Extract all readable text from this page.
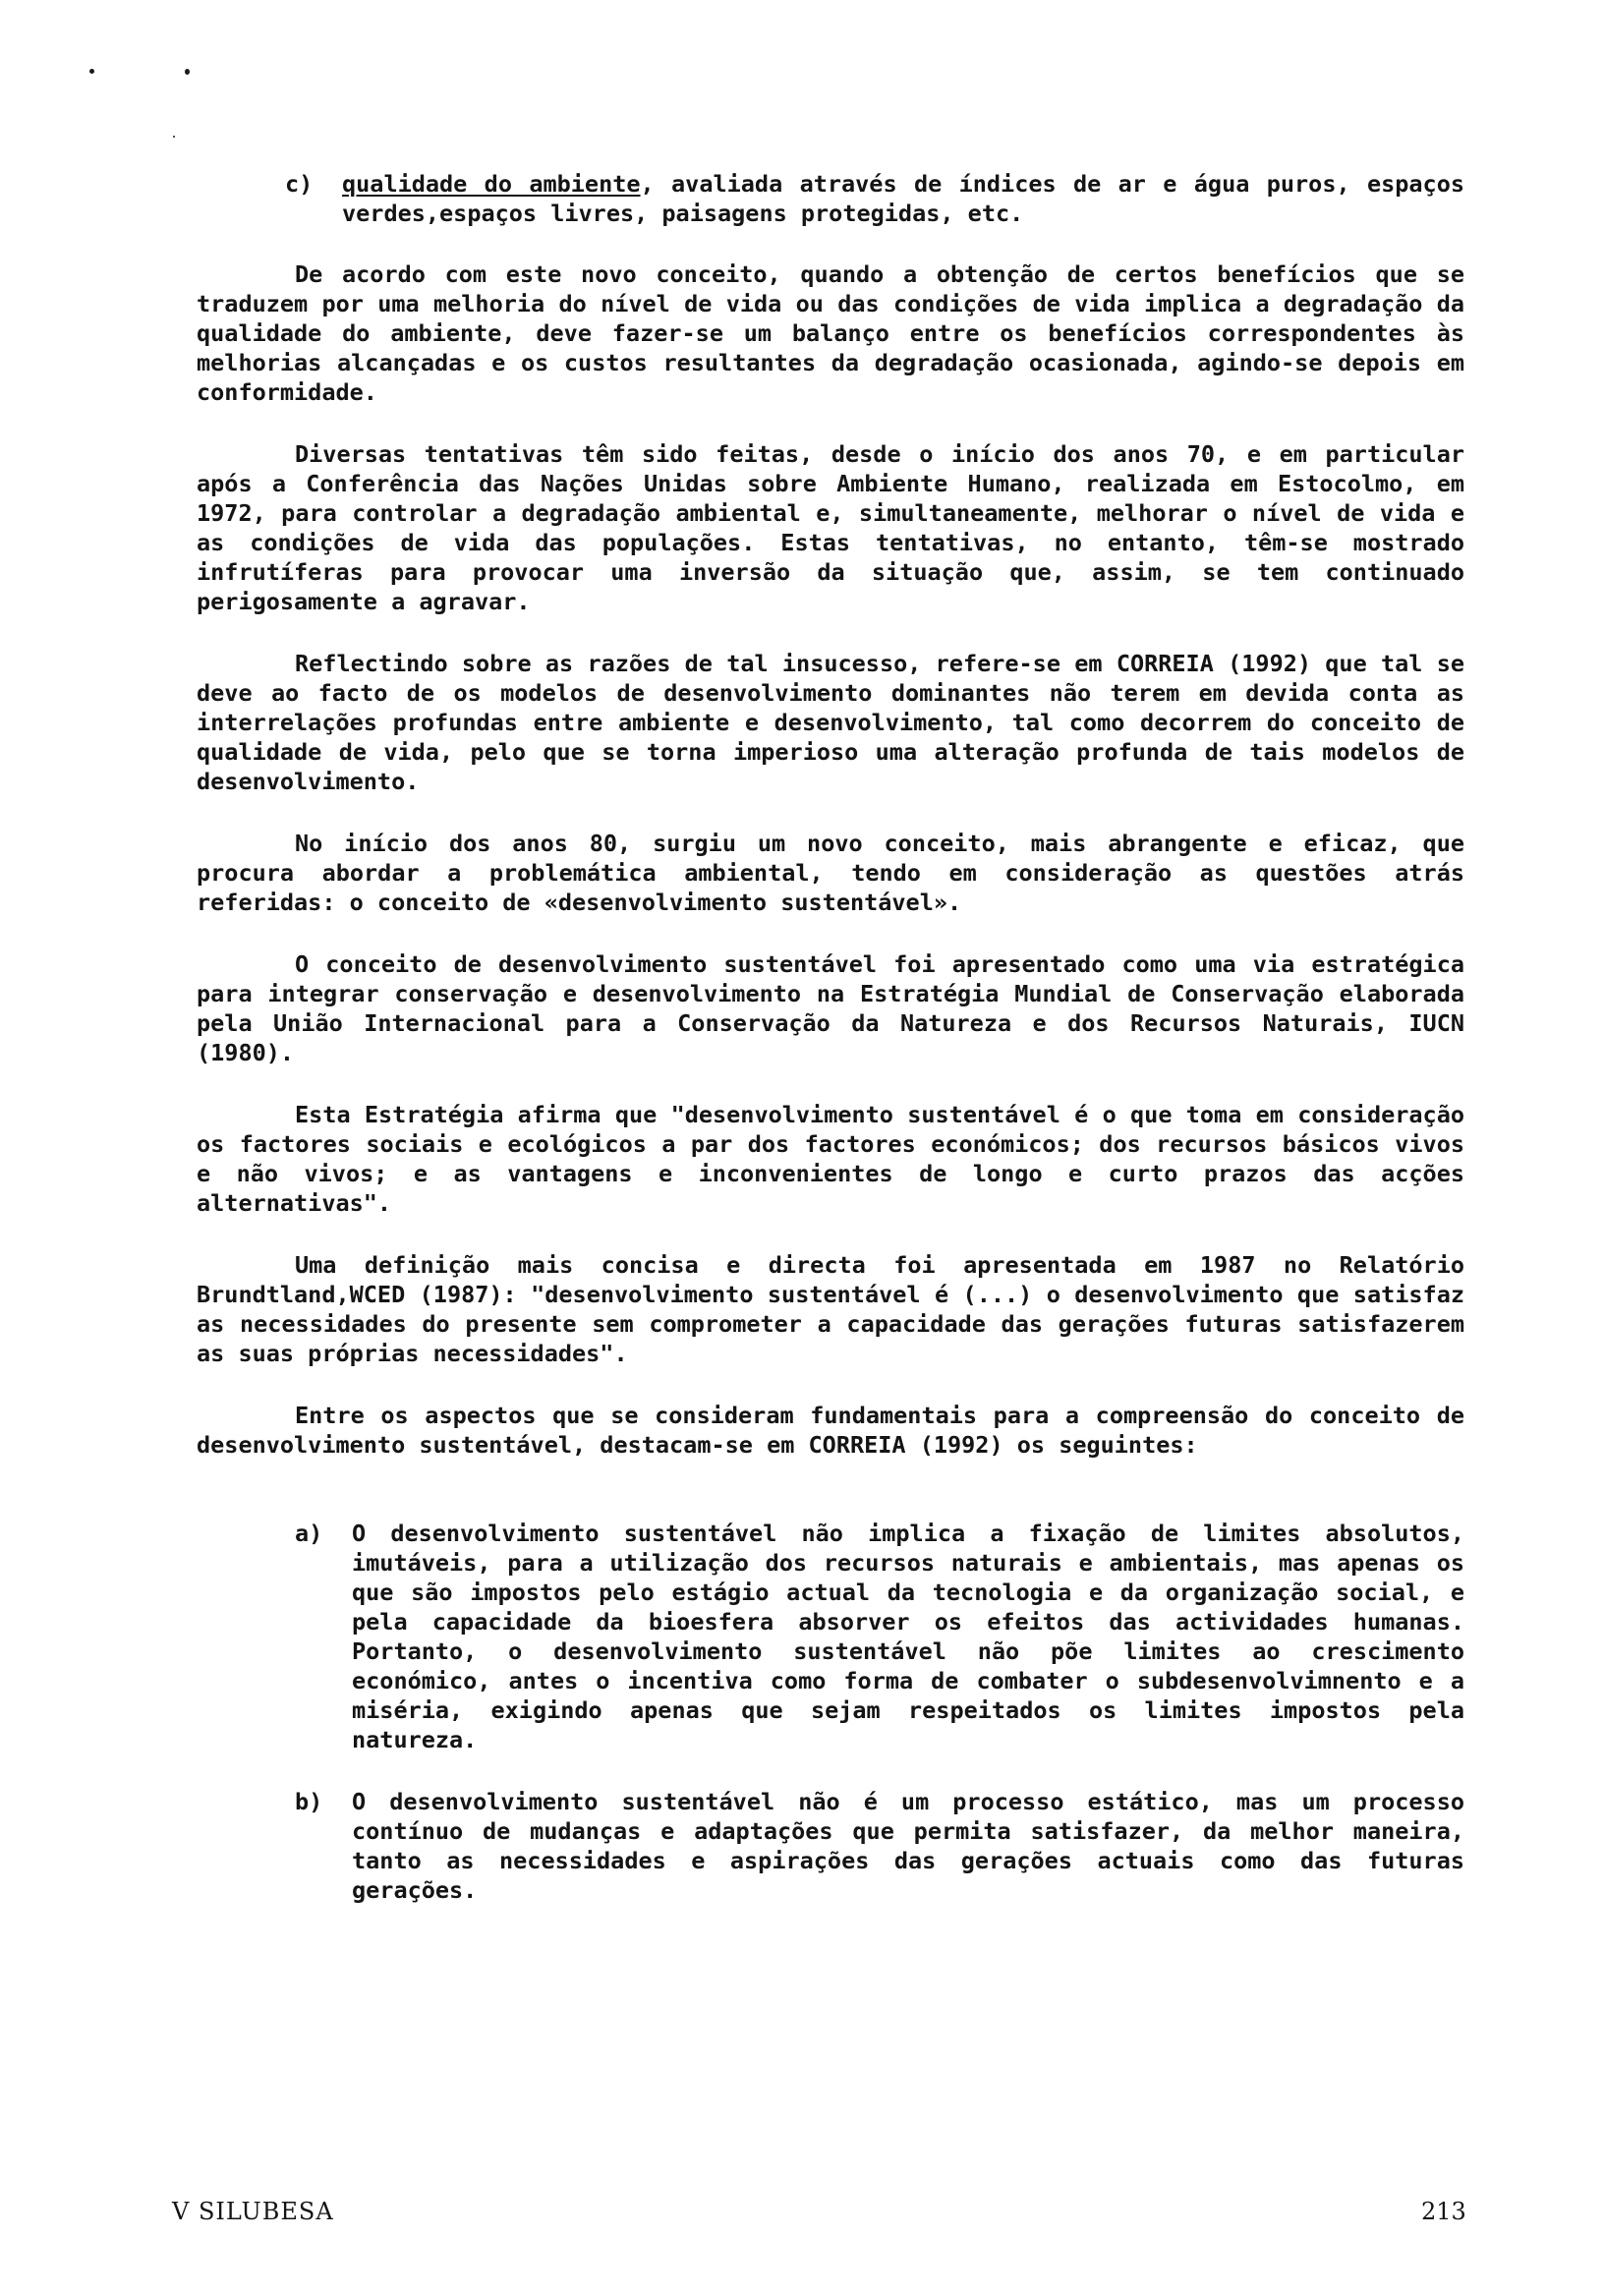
c)	qualidade do ambiente, avaliada através de índices de ar e água puros, espaços verdes,espaços livres, paisagens protegidas, etc.

De acordo com este novo conceito, quando a obtenção de certos benefícios que se traduzem por uma melhoria do nível de vida ou das condições de vida implica a degradação da qualidade do ambiente, deve fazer-se um balanço entre os benefícios correspondentes às melhorias alcançadas e os custos resultantes da degradação ocasionada, agindo-se depois em conformidade.

Diversas tentativas têm sido feitas, desde o início dos anos 70, e em particular após a Conferência das Nações Unidas sobre Ambiente Humano, realizada em Estocolmo, em 1972, para controlar a degradação ambiental e, simultaneamente, melhorar o nível de vida e as condições de vida das populações. Estas tentativas, no entanto, têm-se mostrado infrutíferas para provocar uma inversão da situação que, assim, se tem continuado perigosamente a agravar.

Reflectindo sobre as razões de tal insucesso, refere-se em CORREIA (1992) que tal se deve ao facto de os modelos de desenvolvimento dominantes não terem em devida conta as interrelações profundas entre ambiente e desenvolvimento, tal como decorrem do conceito de qualidade de vida, pelo que se torna imperioso uma alteração profunda de tais modelos de desenvolvimento.

No início dos anos 80, surgiu um novo conceito, mais abrangente e eficaz, que procura abordar a problemática ambiental, tendo em consideração as questões atrás referidas: o conceito de «desenvolvimento sustentável».

O conceito de desenvolvimento sustentável foi apresentado como uma via estratégica para integrar conservação e desenvolvimento na Estratégia Mundial de Conservação elaborada pela União Internacional para a Conservação da Natureza e dos Recursos Naturais, IUCN (1980).

Esta Estratégia afirma que "desenvolvimento sustentável é o que toma em consideração os factores sociais e ecológicos a par dos factores económicos; dos recursos básicos vivos e não vivos; e as vantagens e inconvenientes de longo e curto prazos das acções alternativas".

Uma definição mais concisa e directa foi apresentada em 1987 no Relatório Brundtland,WCED (1987): "desenvolvimento sustentável é (...) o desenvolvimento que satisfaz as necessidades do presente sem comprometer a capacidade das gerações futuras satisfazerem as suas próprias necessidades".

Entre os aspectos que se consideram fundamentais para a compreensão do conceito de desenvolvimento sustentável, destacam-se em CORREIA (1992) os seguintes:

a)	O desenvolvimento sustentável não implica a fixação de limites absolutos, imutáveis, para a utilização dos recursos naturais e ambientais, mas apenas os que são impostos pelo estágio actual da tecnologia e da organização social, e pela capacidade da bioesfera absorver os efeitos das actividades humanas. Portanto, o desenvolvimento sustentável não põe limites ao crescimento económico, antes o incentiva como forma de combater o subdesenvolvimnento e a miséria, exigindo apenas que sejam respeitados os limites impostos pela natureza.
b)	O desenvolvimento sustentável não é um processo estático, mas um processo contínuo de mudanças e adaptações que permita satisfazer, da melhor maneira, tanto as necessidades e aspirações das gerações actuais como das futuras gerações.
V SILUBESA	213
